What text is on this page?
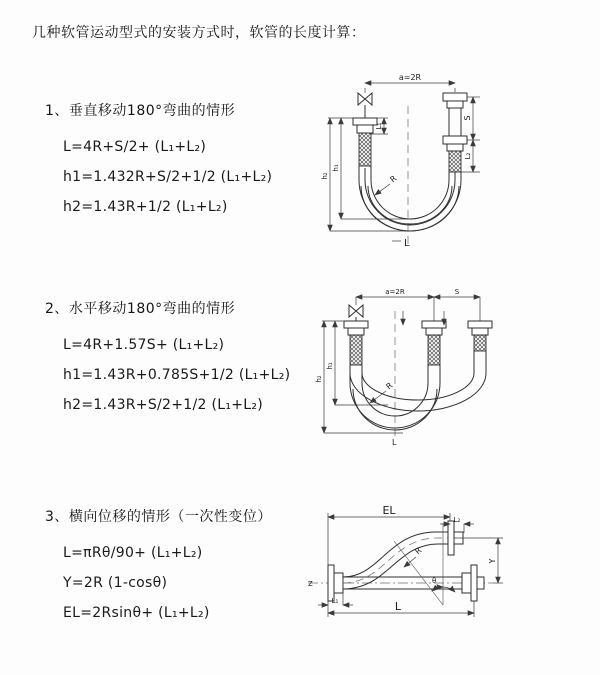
几种软管运动型式的安装方式时，软管的长度计算：
1、垂直移动180°弯曲的情形
L=4R+S/2+ (L₁+L₂)
h1=1.432R+S/2+1/2 (L₁+L₂)
h2=1.43R+1/2 (L₁+L₂)
a=2R
L₁
S
L₂
h₂
h₁
R
L
2、水平移动180°弯曲的情形
L=4R+1.57S+ (L₁+L₂)
h1=1.43R+0.785S+1/2 (L₁+L₂)
h2=1.43R+S/2+1/2 (L₁+L₂)
a=2R	S
h₂
h₁
R
L
3、横向位移的情形（一次性变位）
L=πRθ/90+ (L₁+L₂)
Y=2R (1-cosθ)
EL=2Rsinθ+ (L₁+L₂)
Z	θ
EL
L₂
Y
R
L
L₁
